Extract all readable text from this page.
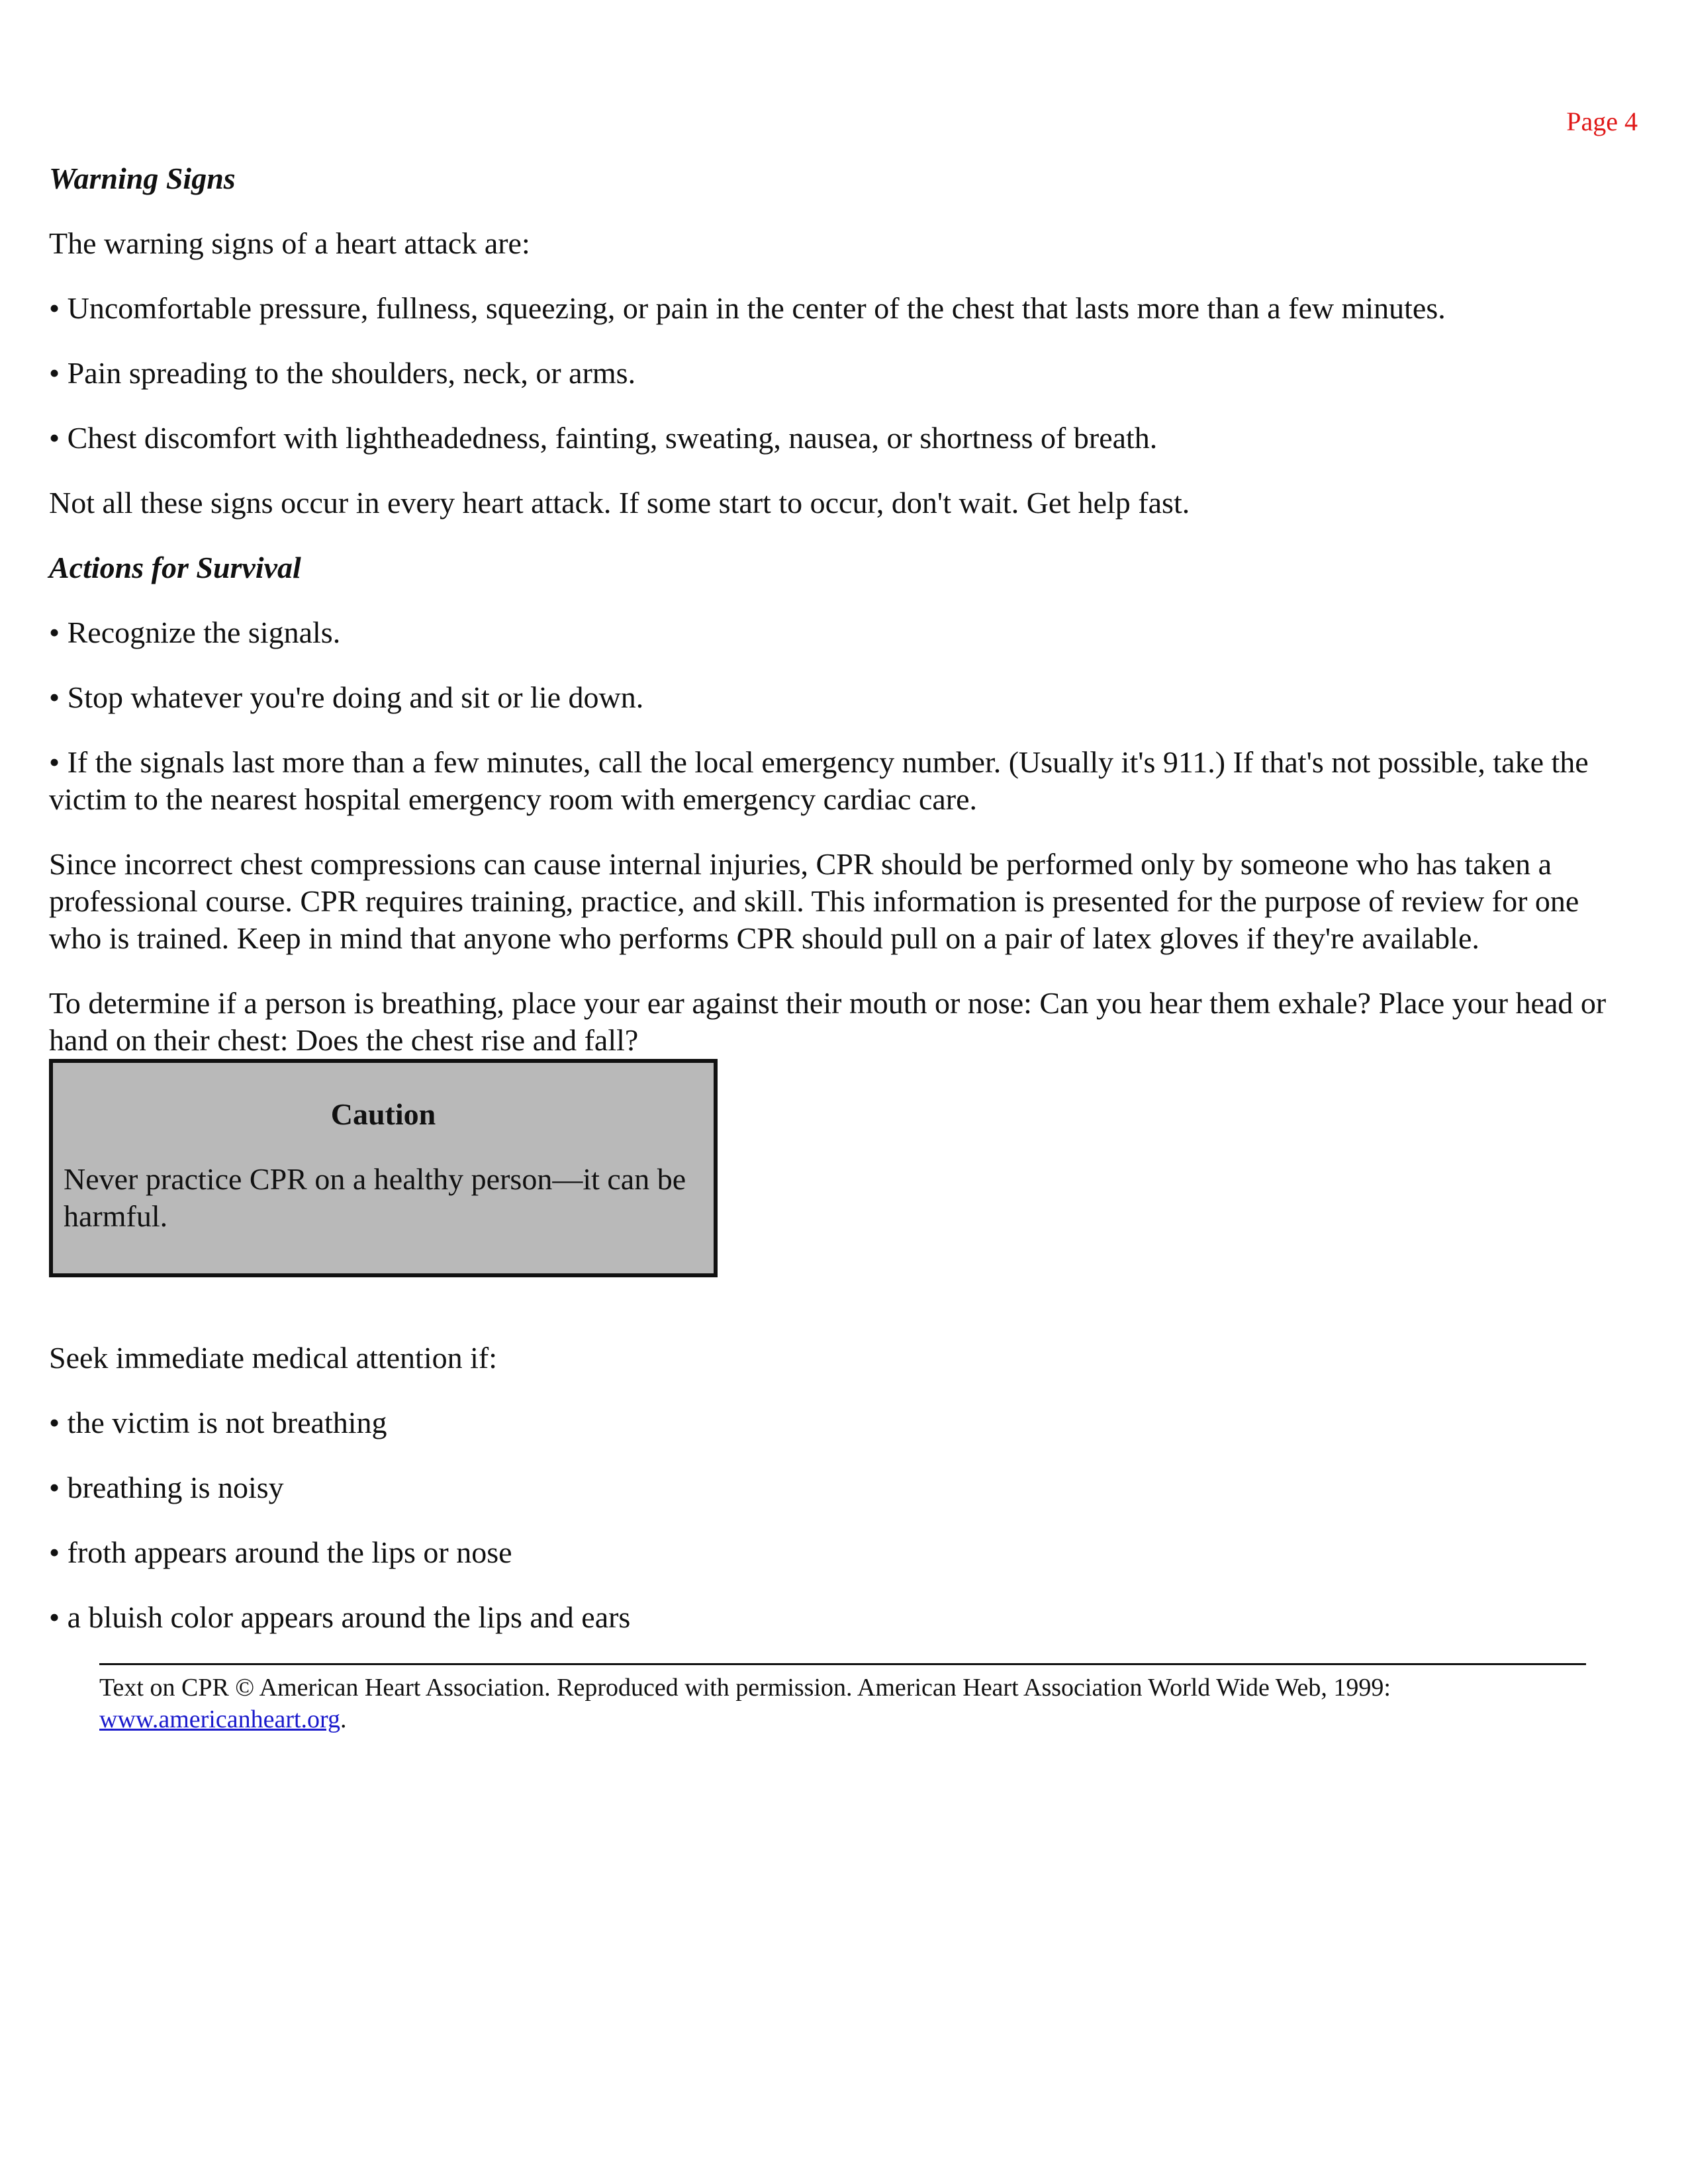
Page 4

Warning Signs

The warning signs of a heart attack are:

• Uncomfortable pressure, fullness, squeezing, or pain in the center of the chest that lasts more than a few minutes.

• Pain spreading to the shoulders, neck, or arms.

• Chest discomfort with lightheadedness, fainting, sweating, nausea, or shortness of breath.

Not all these signs occur in every heart attack. If some start to occur, don't wait. Get help fast.

Actions for Survival

• Recognize the signals.

• Stop whatever you're doing and sit or lie down.

• If the signals last more than a few minutes, call the local emergency number. (Usually it's 911.) If that's not possible, take the victim to the nearest hospital emergency room with emergency cardiac care.

Since incorrect chest compressions can cause internal injuries, CPR should be performed only by someone who has taken a professional course. CPR requires training, practice, and skill. This information is presented for the purpose of review for one who is trained. Keep in mind that anyone who performs CPR should pull on a pair of latex gloves if they're available.

To determine if a person is breathing, place your ear against their mouth or nose: Can you hear them exhale? Place your head or hand on their chest: Does the chest rise and fall?

Caution

Never practice CPR on a healthy person—it can be harmful.

Seek immediate medical attention if:

• the victim is not breathing

• breathing is noisy

• froth appears around the lips or nose

• a bluish color appears around the lips and ears

Text on CPR © American Heart Association. Reproduced with permission. American Heart Association World Wide Web, 1999: www.americanheart.org.
